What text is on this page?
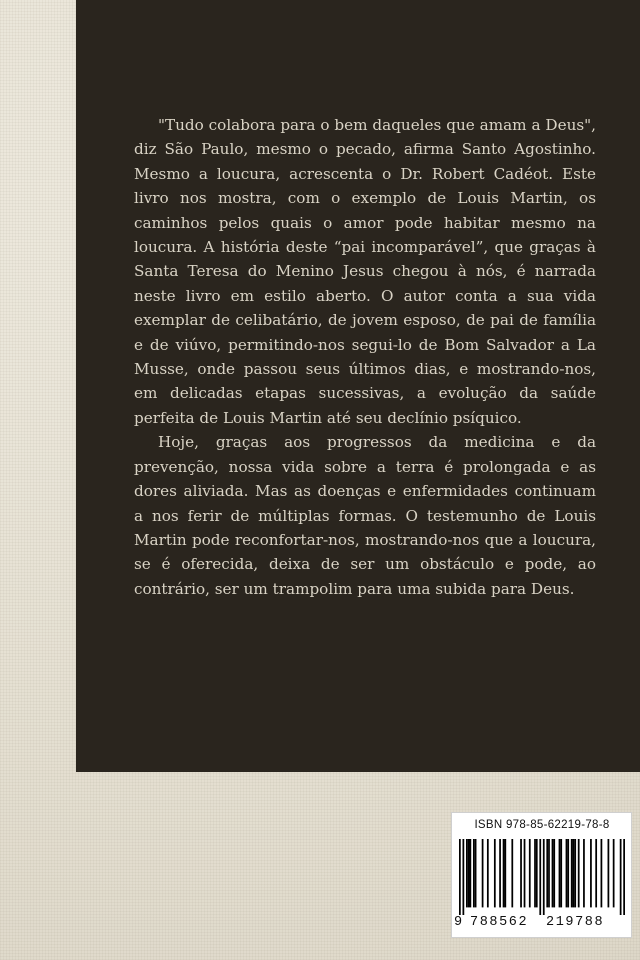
"Tudo colabora para o bem daqueles que amam a Deus", diz São Paulo, mesmo o pecado, afirma Santo Agostinho. Mesmo a loucura, acrescenta o Dr. Robert Cadéot. Este livro nos mostra, com o exemplo de Louis Martin, os caminhos pelos quais o amor pode habitar mesmo na loucura. A história deste “pai incomparável”, que graças à Santa Teresa do Menino Jesus chegou à nós, é narrada neste livro em estilo aberto. O autor conta a sua vida exemplar de celibatário, de jovem esposo, de pai de família e de viúvo, permitindo-nos segui-lo de Bom Salvador a La Musse, onde passou seus últimos dias, e mostrando-nos, em delicadas etapas sucessivas, a evolução da saúde perfeita de Louis Martin até seu declínio psíquico.

Hoje, graças aos progressos da medicina e da prevenção, nossa vida sobre a terra é prolongada e as dores aliviada. Mas as doenças e enfermidades continuam a nos ferir de múltiplas formas. O testemunho de Louis Martin pode reconfortar-nos, mostrando-nos que a loucura, se é oferecida, deixa de ser um obstáculo e pode, ao contrário, ser um trampolim para uma subida para Deus.

ISBN 978-85-62219-78-8
9 788562 219788
